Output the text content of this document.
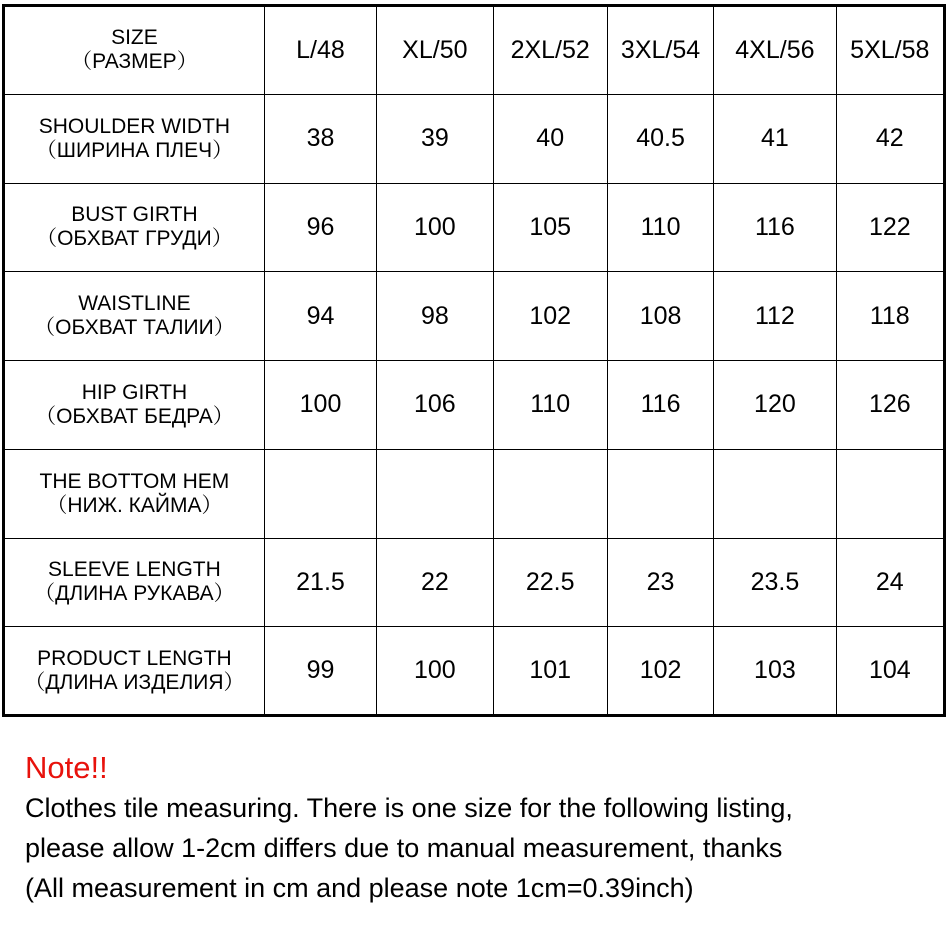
SIZE
（РАЗМЕР）	L/48	XL/50	2XL/52	3XL/54	4XL/56	5XL/58

SHOULDER WIDTH
（ШИРИНА ПЛЕЧ）	38	39	40	40.5	41	42

BUST GIRTH
（ОБХВАТ ГРУДИ）	96	100	105	110	116	122

WAISTLINE
（ОБХВАТ ТАЛИИ）	94	98	102	108	112	118

HIP GIRTH
（ОБХВАТ БЕДРА）	100	106	110	116	120	126

THE BOTTOM HEM
（НИЖ. КАЙМА）						

SLEEVE LENGTH
（ДЛИНА РУКАВА）	21.5	22	22.5	23	23.5	24

PRODUCT LENGTH
（ДЛИНА ИЗДЕЛИЯ）	99	100	101	102	103	104
Note!!
Clothes tile measuring. There is one size for the following listing,
please allow 1-2cm differs due to manual measurement, thanks
(All measurement in cm and please note 1cm=0.39inch)
